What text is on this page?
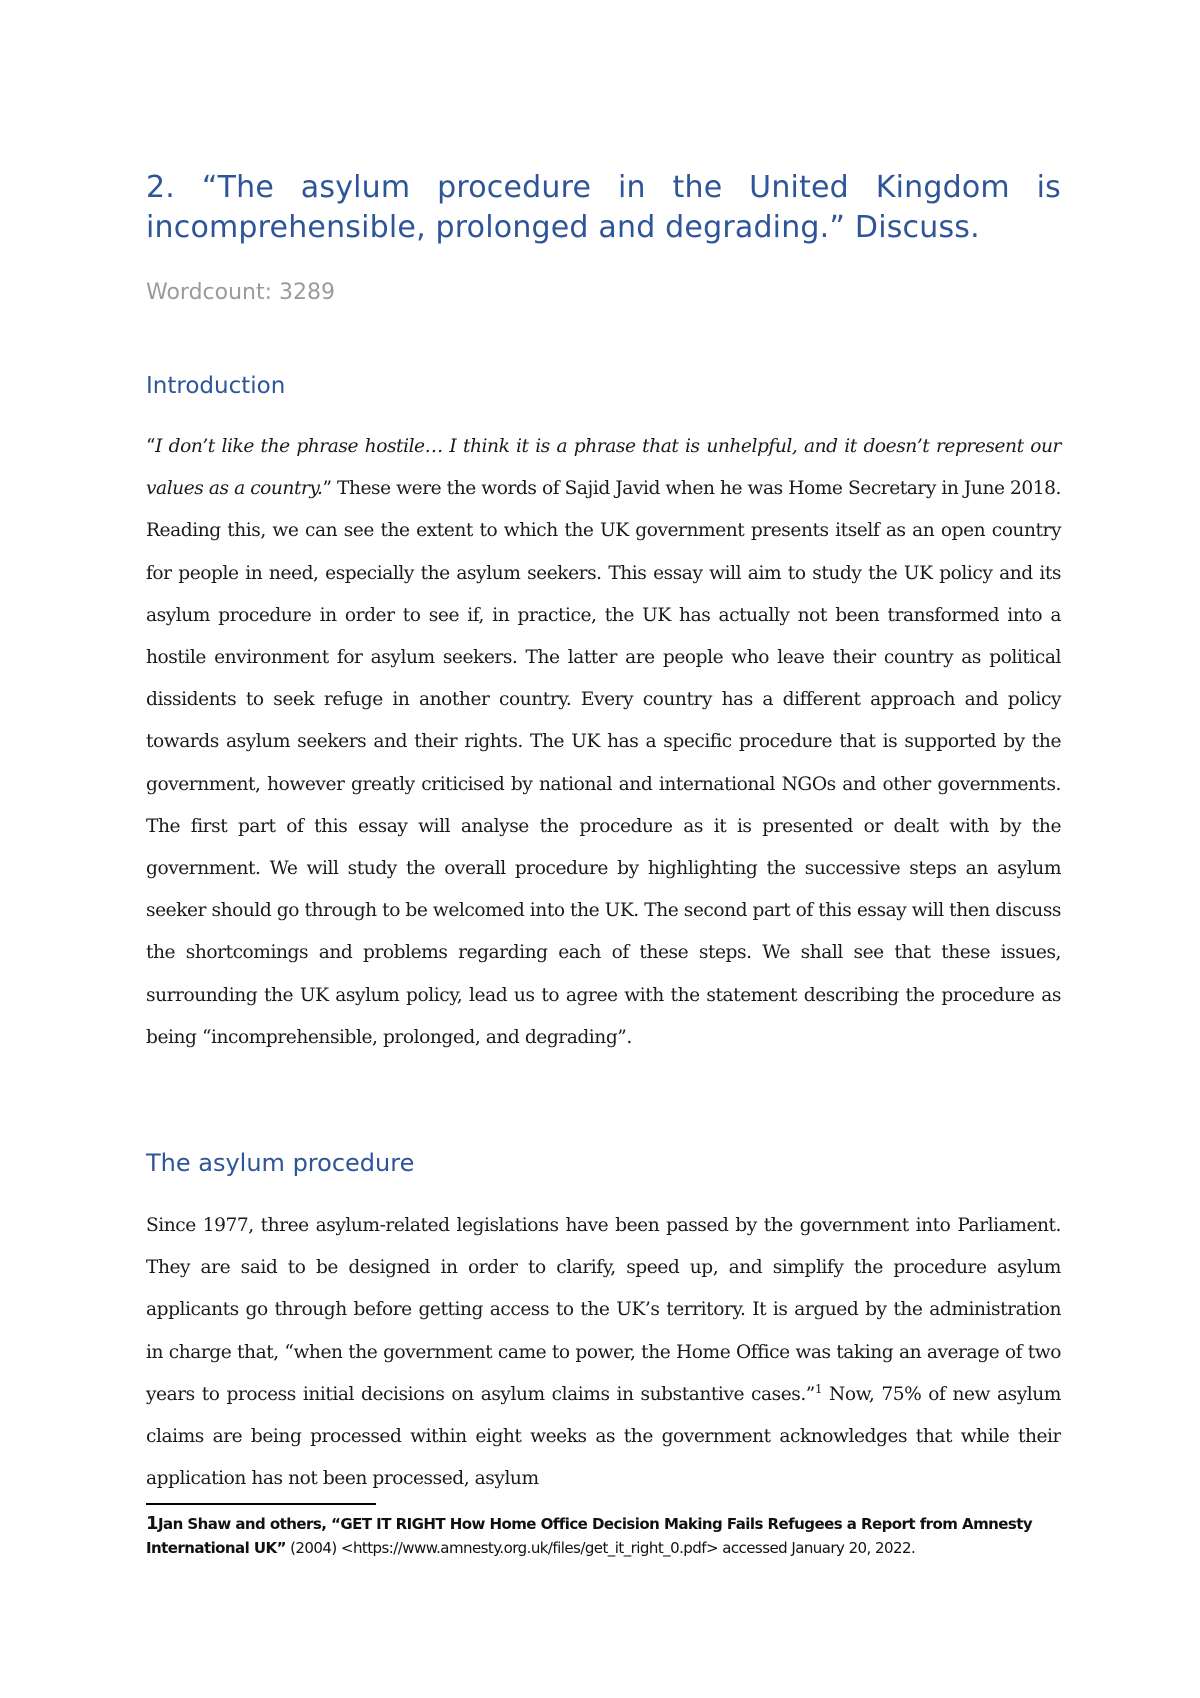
2. “The asylum procedure in the United Kingdom is incomprehensible, prolonged and degrading.” Discuss.

Wordcount: 3289

Introduction

“I don’t like the phrase hostile… I think it is a phrase that is unhelpful, and it doesn’t represent our values as a country.” These were the words of Sajid Javid when he was Home Secretary in June 2018. Reading this, we can see the extent to which the UK government presents itself as an open country for people in need, especially the asylum seekers. This essay will aim to study the UK policy and its asylum procedure in order to see if, in practice, the UK has actually not been transformed into a hostile environment for asylum seekers. The latter are people who leave their country as political dissidents to seek refuge in another country. Every country has a different approach and policy towards asylum seekers and their rights. The UK has a specific procedure that is supported by the government, however greatly criticised by national and international NGOs and other governments. The first part of this essay will analyse the procedure as it is presented or dealt with by the government. We will study the overall procedure by highlighting the successive steps an asylum seeker should go through to be welcomed into the UK. The second part of this essay will then discuss the shortcomings and problems regarding each of these steps. We shall see that these issues, surrounding the UK asylum policy, lead us to agree with the statement describing the procedure as being “incomprehensible, prolonged, and degrading”.

The asylum procedure

Since 1977, three asylum-related legislations have been passed by the government into Parliament. They are said to be designed in order to clarify, speed up, and simplify the procedure asylum applicants go through before getting access to the UK’s territory. It is argued by the administration in charge that, “when the government came to power, the Home Office was taking an average of two years to process initial decisions on asylum claims in substantive cases.”$^1$ Now, 75% of new asylum claims are being processed within eight weeks as the government acknowledges that while their application has not been processed, asylum

1Jan Shaw and others, “GET IT RIGHT How Home Office Decision Making Fails Refugees a Report from Amnesty International UK” (2004) <https://www.amnesty.org.uk/files/get_it_right_0.pdf> accessed January 20, 2022.
